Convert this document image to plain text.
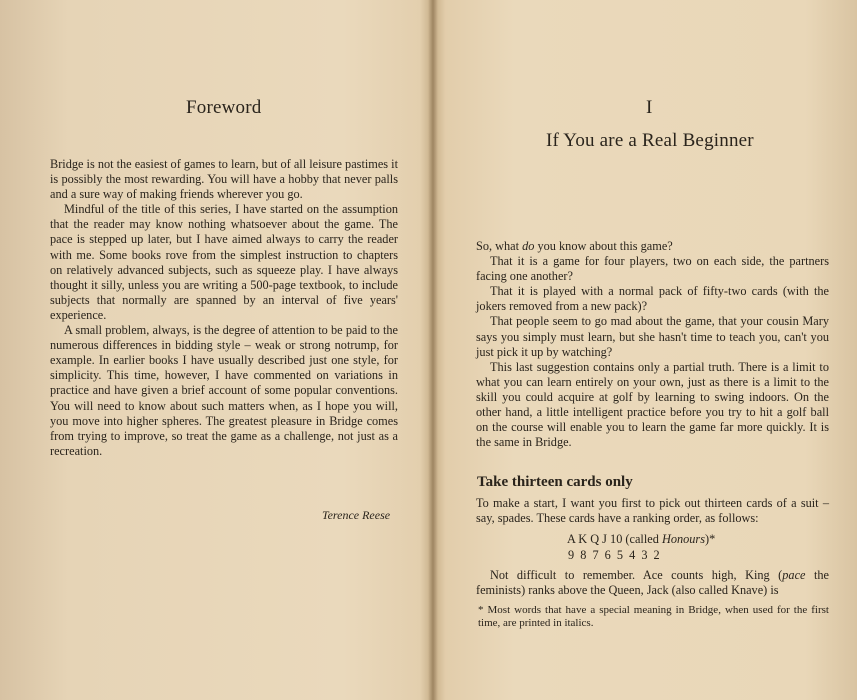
Foreword

Bridge is not the easiest of games to learn, but of all leisure pastimes it is possibly the most rewarding. You will have a hobby that never palls and a sure way of making friends wherever you go.

Mindful of the title of this series, I have started on the assumption that the reader may know nothing whatsoever about the game. The pace is stepped up later, but I have aimed always to carry the reader with me. Some books rove from the simplest instruction to chapters on relatively advanced subjects, such as squeeze play. I have always thought it silly, unless you are writing a 500-page textbook, to include subjects that normally are spanned by an interval of five years' experience.

A small problem, always, is the degree of attention to be paid to the numerous differences in bidding style – weak or strong notrump, for example. In earlier books I have usually described just one style, for simplicity. This time, however, I have commented on variations in practice and have given a brief account of some popular conventions. You will need to know about such matters when, as I hope you will, you move into higher spheres. The greatest pleasure in Bridge comes from trying to improve, so treat the game as a challenge, not just as a recreation.

Terence Reese
I
If You are a Real Beginner

So, what do you know about this game?

That it is a game for four players, two on each side, the partners facing one another?

That it is played with a normal pack of fifty-two cards (with the jokers removed from a new pack)?

That people seem to go mad about the game, that your cousin Mary says you simply must learn, but she hasn't time to teach you, can't you just pick it up by watching?

This last suggestion contains only a partial truth. There is a limit to what you can learn entirely on your own, just as there is a limit to the skill you could acquire at golf by learning to swing indoors. On the other hand, a little intelligent practice before you try to hit a golf ball on the course will enable you to learn the game far more quickly. It is the same in Bridge.

Take thirteen cards only

To make a start, I want you first to pick out thirteen cards of a suit – say, spades. These cards have a ranking order, as follows:

A K Q J 10 (called Honours)*
9 8 7 6 5 4 3 2

Not difficult to remember. Ace counts high, King (pace the feminists) ranks above the Queen, Jack (also called Knave) is

* Most words that have a special meaning in Bridge, when used for the first time, are printed in italics.
